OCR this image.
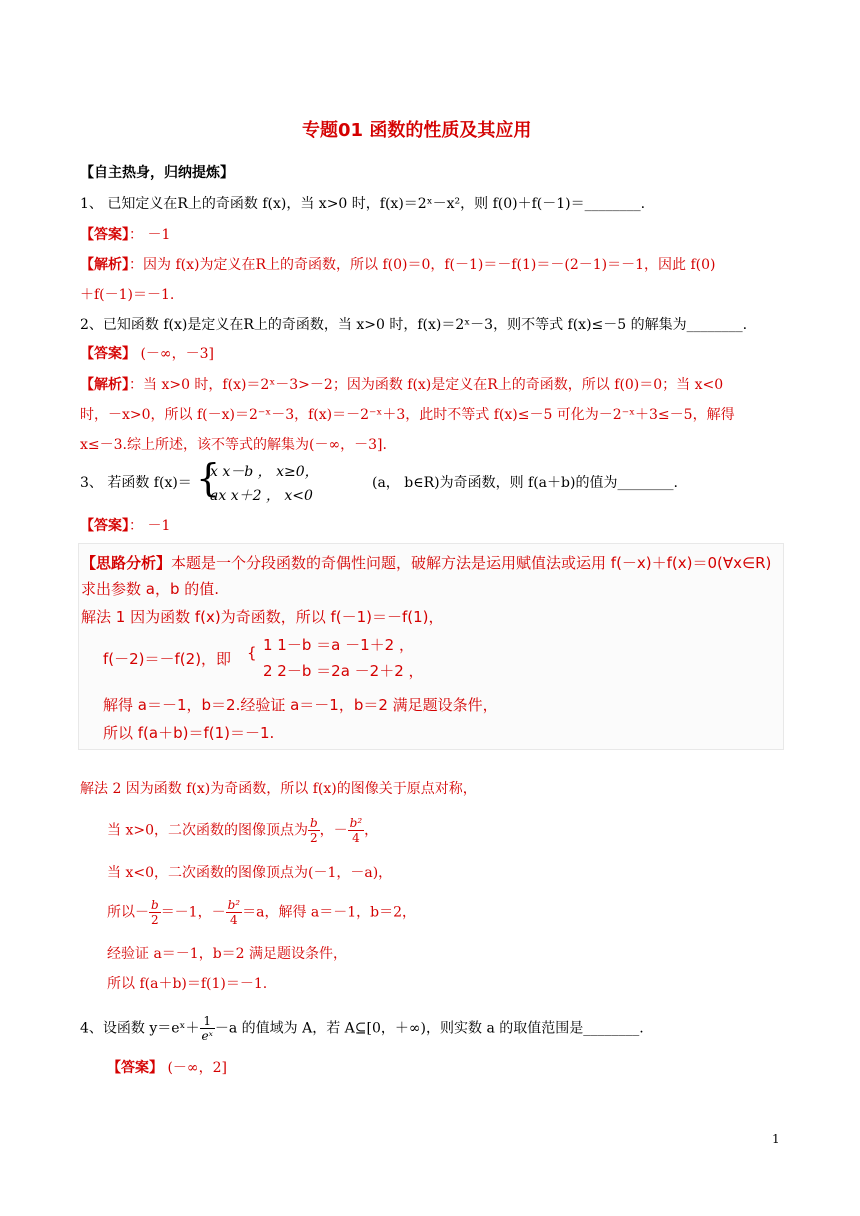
专题01 函数的性质及其应用
【自主热身，归纳提炼】
1、 已知定义在R上的奇函数 f(x)，当 x>0 时，f(x)＝2ˣ－x²，则 f(0)＋f(－1)＝________.
【答案】： －1
【解析】：因为 f(x)为定义在R上的奇函数，所以 f(0)＝0，f(－1)＝－f(1)＝－(2－1)＝－1，因此 f(0)
＋f(－1)＝－1.
2、已知函数 f(x)是定义在R上的奇函数，当 x>0 时，f(x)＝2ˣ－3，则不等式 f(x)≤－5 的解集为________.
【答案】 (－∞，－3]
【解析】：当 x>0 时，f(x)＝2ˣ－3>－2；因为函数 f(x)是定义在R上的奇函数，所以 f(0)＝0；当 x<0
时，－x>0，所以 f(－x)＝2⁻ˣ－3，f(x)＝－2⁻ˣ＋3，此时不等式 f(x)≤－5 可化为－2⁻ˣ＋3≤－5，解得
x≤－3.综上所述，该不等式的解集为(－∞，－3].
3、 若函数 f(x)＝ {
x x－b ， x≥0，
ax x＋2 ， x<0
(a， b∈R)为奇函数，则 f(a＋b)的值为________.
【答案】： －1
【思路分析】本题是一个分段函数的奇偶性问题，破解方法是运用赋值法或运用 f(－x)＋f(x)＝0(∀x∈R)
求出参数 a，b 的值.
解法 1 因为函数 f(x)为奇函数，所以 f(－1)＝－f(1)，
f(－2)＝－f(2)，即 { 1 1－b ＝a －1＋2 ，
2 2－b ＝2a －2＋2 ，
解得 a＝－1，b＝2.经验证 a＝－1，b＝2 满足题设条件，
所以 f(a＋b)＝f(1)＝－1.
解法 2 因为函数 f(x)为奇函数，所以 f(x)的图像关于原点对称，
当 x>0，二次函数的图像顶点为 $\frac{b}{2}$ ，－ $\frac{\text{b²}}{4}$ ，
当 x<0，二次函数的图像顶点为(－1，－a)，
所以－ $\frac{b}{2} =-1$，－ $\frac{\text{b²}}{4} =a$，解得 a＝－1，b＝2，
经验证 a＝－1，b＝2 满足题设条件，
所以 f(a＋b)＝f(1)＝－1.
4、设函数 y＝eˣ＋ $\frac{1}{\text{eˣ}} -a$ 的值域为 A，若 A⊆[0，＋∞)，则实数 a 的取值范围是________.
【答案】 (－∞，2]
1
